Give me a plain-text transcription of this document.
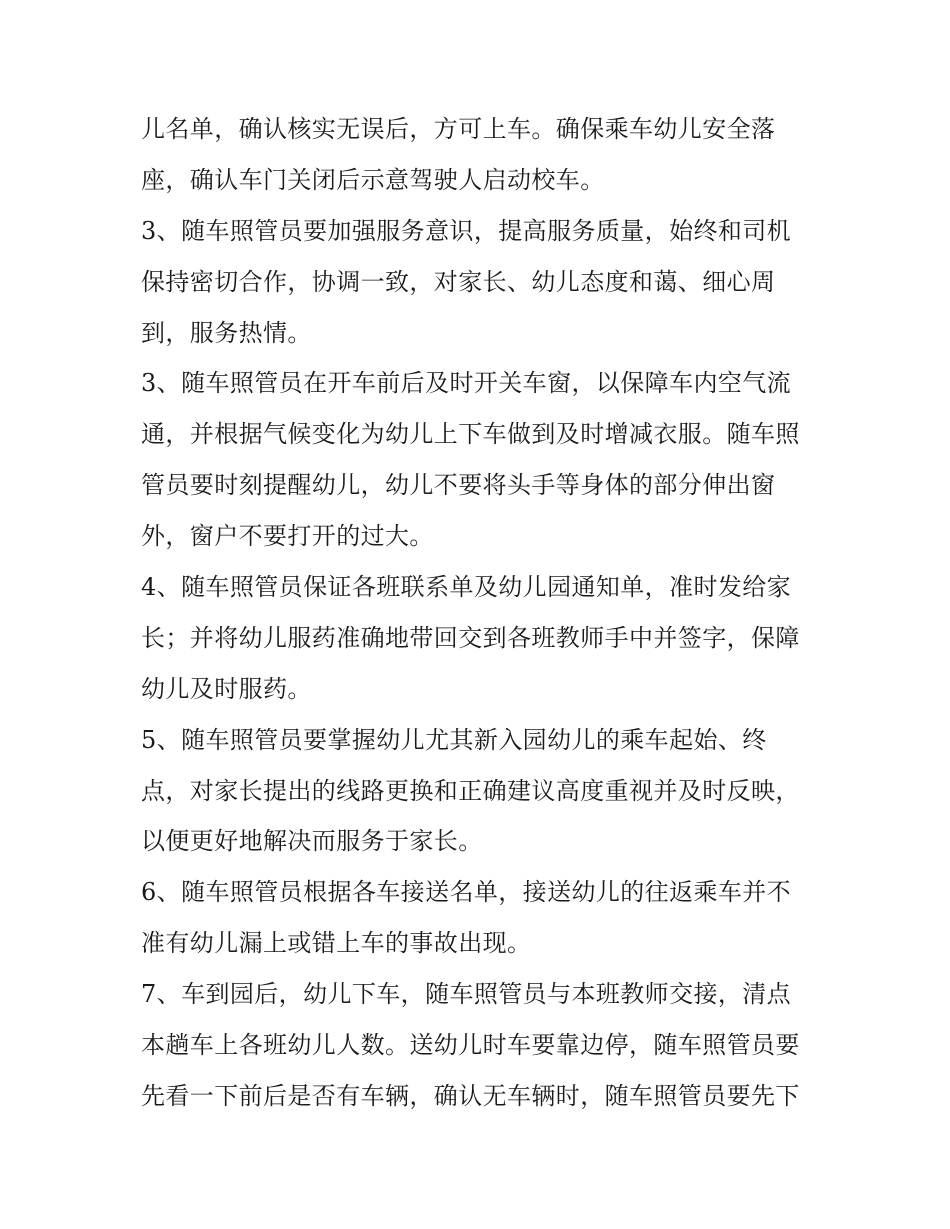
儿名单，确认核实无误后，方可上车。确保乘车幼儿安全落
座，确认车门关闭后示意驾驶人启动校车。
3、随车照管员要加强服务意识，提高服务质量，始终和司机
保持密切合作，协调一致，对家长、幼儿态度和蔼、细心周
到，服务热情。
3、随车照管员在开车前后及时开关车窗，以保障车内空气流
通，并根据气候变化为幼儿上下车做到及时增减衣服。随车照
管员要时刻提醒幼儿，幼儿不要将头手等身体的部分伸出窗
外，窗户不要打开的过大。
4、随车照管员保证各班联系单及幼儿园通知单，准时发给家
长；并将幼儿服药准确地带回交到各班教师手中并签字，保障
幼儿及时服药。
5、随车照管员要掌握幼儿尤其新入园幼儿的乘车起始、终
点，对家长提出的线路更换和正确建议高度重视并及时反映，
以便更好地解决而服务于家长。
6、随车照管员根据各车接送名单，接送幼儿的往返乘车并不
准有幼儿漏上或错上车的事故出现。
7、车到园后，幼儿下车，随车照管员与本班教师交接，清点
本趟车上各班幼儿人数。送幼儿时车要靠边停，随车照管员要
先看一下前后是否有车辆，确认无车辆时，随车照管员要先下
